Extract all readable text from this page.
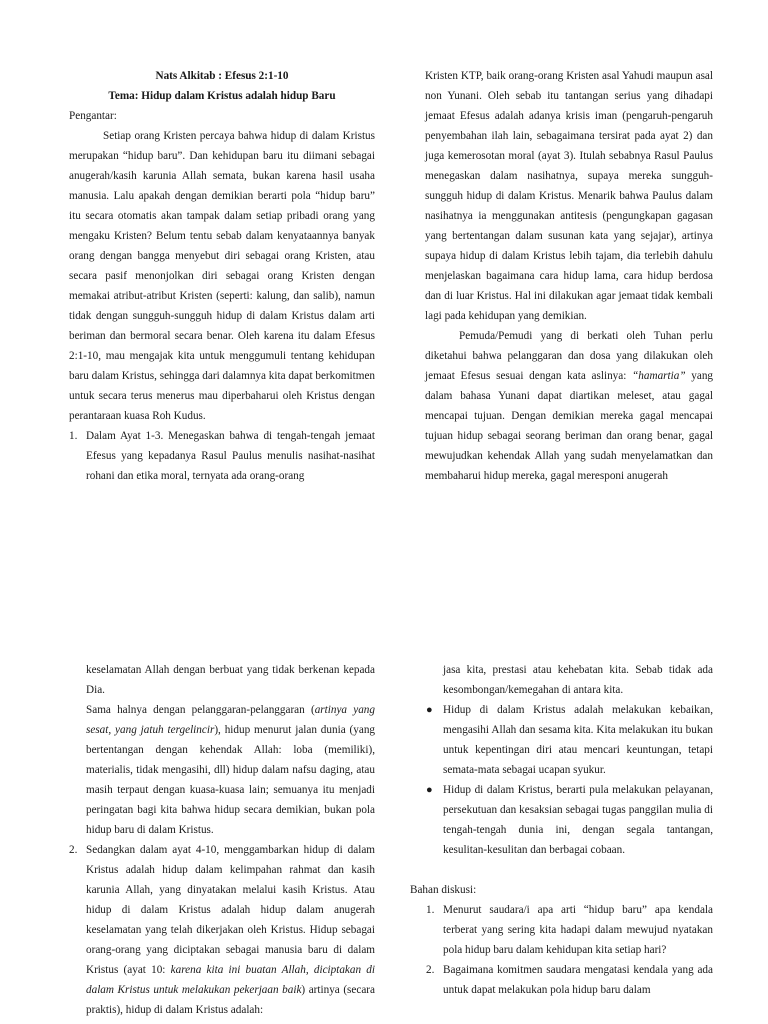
Nats Alkitab : Efesus 2:1-10

Tema: Hidup dalam Kristus adalah hidup Baru

Pengantar:

Setiap orang Kristen percaya bahwa hidup di dalam Kristus merupakan “hidup baru”. Dan kehidupan baru itu diimani sebagai anugerah/kasih karunia Allah semata, bukan karena hasil usaha manusia. Lalu apakah dengan demikian berarti pola “hidup baru” itu secara otomatis akan tampak dalam setiap pribadi orang yang mengaku Kristen? Belum tentu sebab dalam kenyataannya banyak orang dengan bangga menyebut diri sebagai orang Kristen, atau secara pasif menonjolkan diri sebagai orang Kristen dengan memakai atribut-atribut Kristen (seperti: kalung, dan salib), namun tidak dengan sungguh-sungguh hidup di dalam Kristus dalam arti beriman dan bermoral secara benar. Oleh karena itu dalam Efesus 2:1-10, mau mengajak kita untuk menggumuli tentang kehidupan baru dalam Kristus, sehingga dari dalamnya kita dapat berkomitmen untuk secara terus menerus mau diperbaharui oleh Kristus dengan perantaraan kuasa Roh Kudus.

1. Dalam Ayat 1-3. Menegaskan bahwa di tengah-tengah jemaat Efesus yang kepadanya Rasul Paulus menulis nasihat-nasihat rohani dan etika moral, ternyata ada orang-orang

Kristen KTP, baik orang-orang Kristen asal Yahudi maupun asal non Yunani. Oleh sebab itu tantangan serius yang dihadapi jemaat Efesus adalah adanya krisis iman (pengaruh-pengaruh penyembahan ilah lain, sebagaimana tersirat pada ayat 2) dan juga kemerosotan moral (ayat 3). Itulah sebabnya Rasul Paulus menegaskan dalam nasihatnya, supaya mereka sungguh-sungguh hidup di dalam Kristus. Menarik bahwa Paulus dalam nasihatnya ia menggunakan antitesis (pengungkapan gagasan yang bertentangan dalam susunan kata yang sejajar), artinya supaya hidup di dalam Kristus lebih tajam, dia terlebih dahulu menjelaskan bagaimana cara hidup lama, cara hidup berdosa dan di luar Kristus. Hal ini dilakukan agar jemaat tidak kembali lagi pada kehidupan yang demikian.

Pemuda/Pemudi yang di berkati oleh Tuhan perlu diketahui bahwa pelanggaran dan dosa yang dilakukan oleh jemaat Efesus sesuai dengan kata aslinya: “hamartia” yang dalam bahasa Yunani dapat diartikan meleset, atau gagal mencapai tujuan. Dengan demikian mereka gagal mencapai tujuan hidup sebagai seorang beriman dan orang benar, gagal mewujudkan kehendak Allah yang sudah menyelamatkan dan membaharui hidup mereka, gagal meresponi anugerah

keselamatan Allah dengan berbuat yang tidak berkenan kepada Dia.

Sama halnya dengan pelanggaran-pelanggaran (artinya yang sesat, yang jatuh tergelincir), hidup menurut jalan dunia (yang bertentangan dengan kehendak Allah: loba (memiliki), materialis, tidak mengasihi, dll) hidup dalam nafsu daging, atau masih terpaut dengan kuasa-kuasa lain; semuanya itu menjadi peringatan bagi kita bahwa hidup secara demikian, bukan pola hidup baru di dalam Kristus.

2. Sedangkan dalam ayat 4-10, menggambarkan hidup di dalam Kristus adalah hidup dalam kelimpahan rahmat dan kasih karunia Allah, yang dinyatakan melalui kasih Kristus. Atau hidup di dalam Kristus adalah hidup dalam anugerah keselamatan yang telah dikerjakan oleh Kristus. Hidup sebagai orang-orang yang diciptakan sebagai manusia baru di dalam Kristus (ayat 10: karena kita ini buatan Allah, diciptakan di dalam Kristus untuk melakukan pekerjaan baik) artinya (secara praktis), hidup di dalam Kristus adalah:

jasa kita, prestasi atau kehebatan kita. Sebab tidak ada kesombongan/kemegahan di antara kita.

● Hidup di dalam Kristus adalah melakukan kebaikan, mengasihi Allah dan sesama kita. Kita melakukan itu bukan untuk kepentingan diri atau mencari keuntungan, tetapi semata-mata sebagai ucapan syukur.
● Hidup di dalam Kristus, berarti pula melakukan pelayanan, persekutuan dan kesaksian sebagai tugas panggilan mulia di tengah-tengah dunia ini, dengan segala tantangan, kesulitan-kesulitan dan berbagai cobaan.

Bahan diskusi:

1. Menurut saudara/i apa arti “hidup baru” apa kendala terberat yang sering kita hadapi dalam mewujud nyatakan pola hidup baru dalam kehidupan kita setiap hari?
2. Bagaimana komitmen saudara mengatasi kendala yang ada untuk dapat melakukan pola hidup baru dalam
